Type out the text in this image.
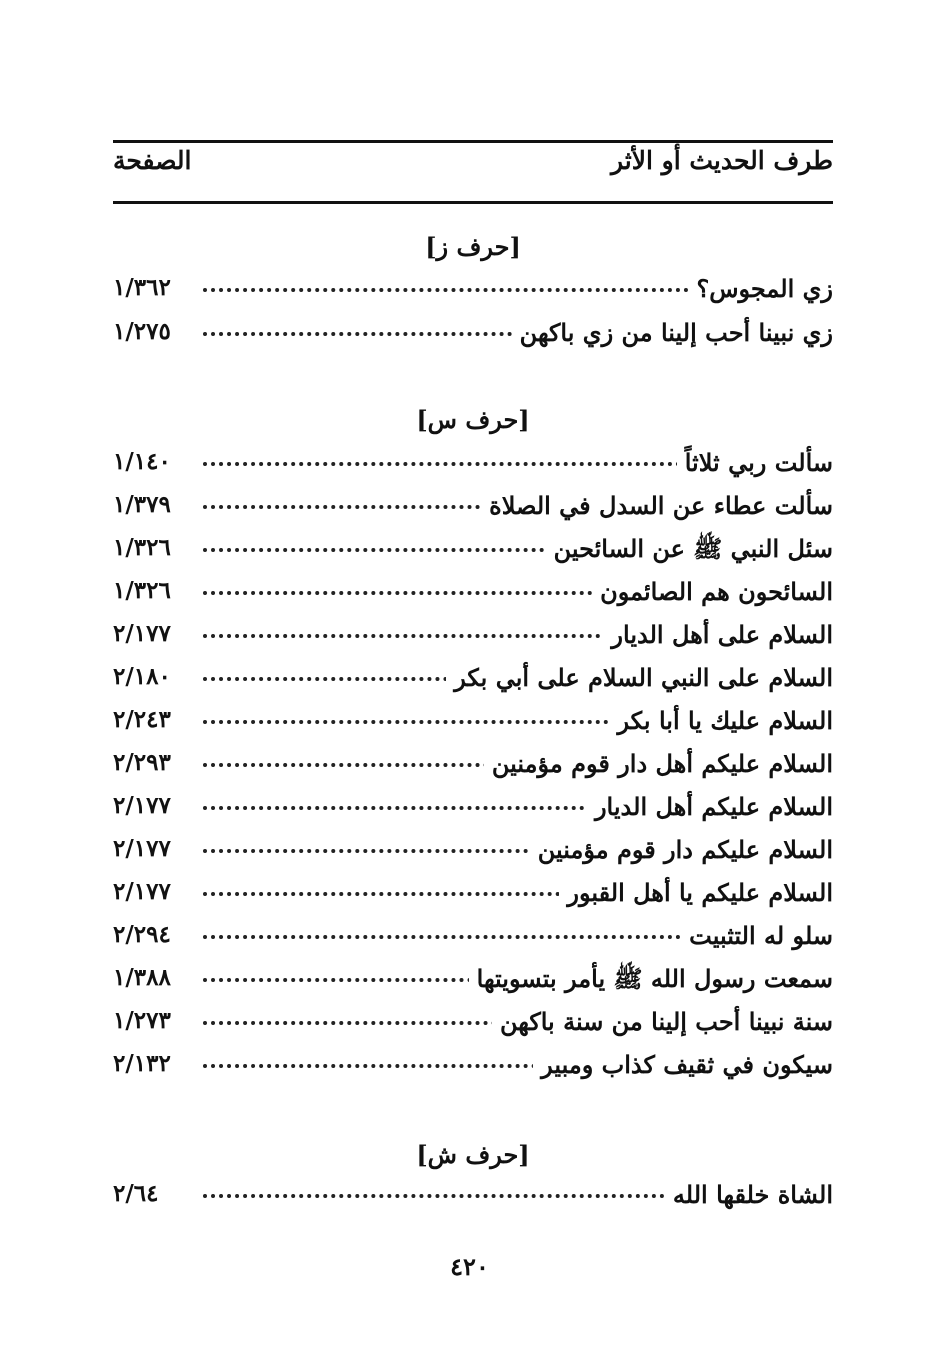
طرف الحديث أو الأثر
الصفحة
[حرف ز]
زي المجوس؟
١/٣٦٢
زي نبينا أحب إلينا من زي باكهن
١/٢٧٥
[حرف س]
سألت ربي ثلاثاً
١/١٤٠
سألت عطاء عن السدل في الصلاة
١/٣٧٩
سئل النبي ﷺ عن السائحين
١/٣٢٦
السائحون هم الصائمون
١/٣٢٦
السلام على أهل الديار
٢/١٧٧
السلام على النبي السلام على أبي بكر
٢/١٨٠
السلام عليك يا أبا بكر
٢/٢٤٣
السلام عليكم أهل دار قوم مؤمنين
٢/٢٩٣
السلام عليكم أهل الديار
٢/١٧٧
السلام عليكم دار قوم مؤمنين
٢/١٧٧
السلام عليكم يا أهل القبور
٢/١٧٧
سلو له التثبيت
٢/٢٩٤
سمعت رسول الله ﷺ يأمر بتسويتها
١/٣٨٨
سنة نبينا أحب إلينا من سنة باكهن
١/٢٧٣
سيكون في ثقيف كذاب ومبير
٢/١٣٢
[حرف ش]
الشاة خلقها الله
٢/٦٤
٤٢٠
